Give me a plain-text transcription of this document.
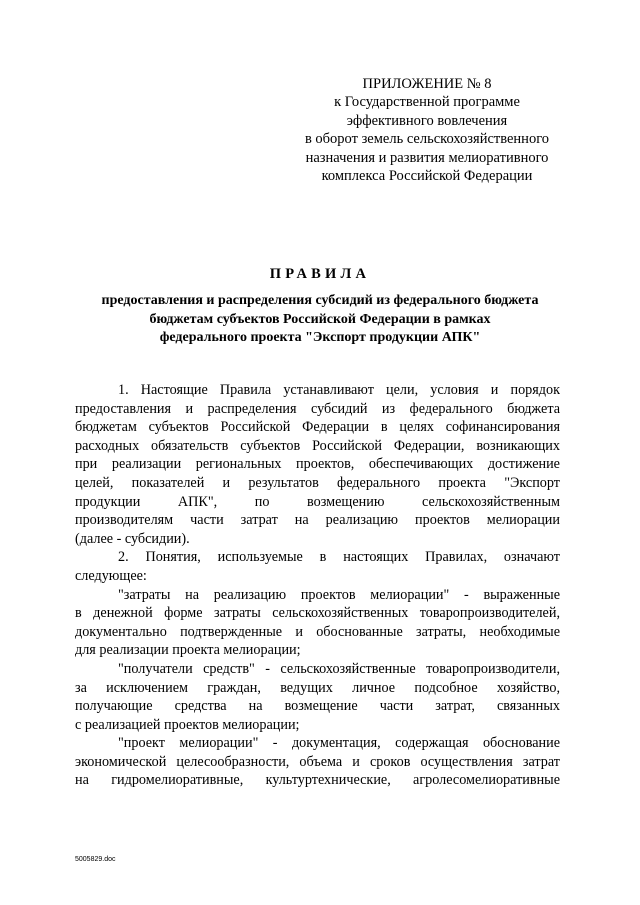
ПРИЛОЖЕНИЕ № 8
к Государственной программе
эффективного вовлечения
в оборот земель сельскохозяйственного
назначения и развития мелиоративного
комплекса Российской Федерации
ПРАВИЛА
предоставления и распределения субсидий из федерального бюджета
бюджетам субъектов Российской Федерации в рамках
федерального проекта "Экспорт продукции АПК"
1. Настоящие Правила устанавливают цели, условия и порядок
предоставления и распределения субсидий из федерального бюджета
бюджетам субъектов Российской Федерации в целях софинансирования
расходных обязательств субъектов Российской Федерации, возникающих
при реализации региональных проектов, обеспечивающих достижение
целей, показателей и результатов федерального проекта "Экспорт
продукции АПК", по возмещению сельскохозяйственным
производителям части затрат на реализацию проектов мелиорации
(далее - субсидии).
2. Понятия, используемые в настоящих Правилах, означают
следующее:
"затраты на реализацию проектов мелиорации" - выраженные
в денежной форме затраты сельскохозяйственных товаропроизводителей,
документально подтвержденные и обоснованные затраты, необходимые
для реализации проекта мелиорации;
"получатели средств" - сельскохозяйственные товаропроизводители,
за исключением граждан, ведущих личное подсобное хозяйство,
получающие средства на возмещение части затрат, связанных
с реализацией проектов мелиорации;
"проект мелиорации" - документация, содержащая обоснование
экономической целесообразности, объема и сроков осуществления затрат
на гидромелиоративные, культуртехнические, агролесомелиоративные
5005829.doc
